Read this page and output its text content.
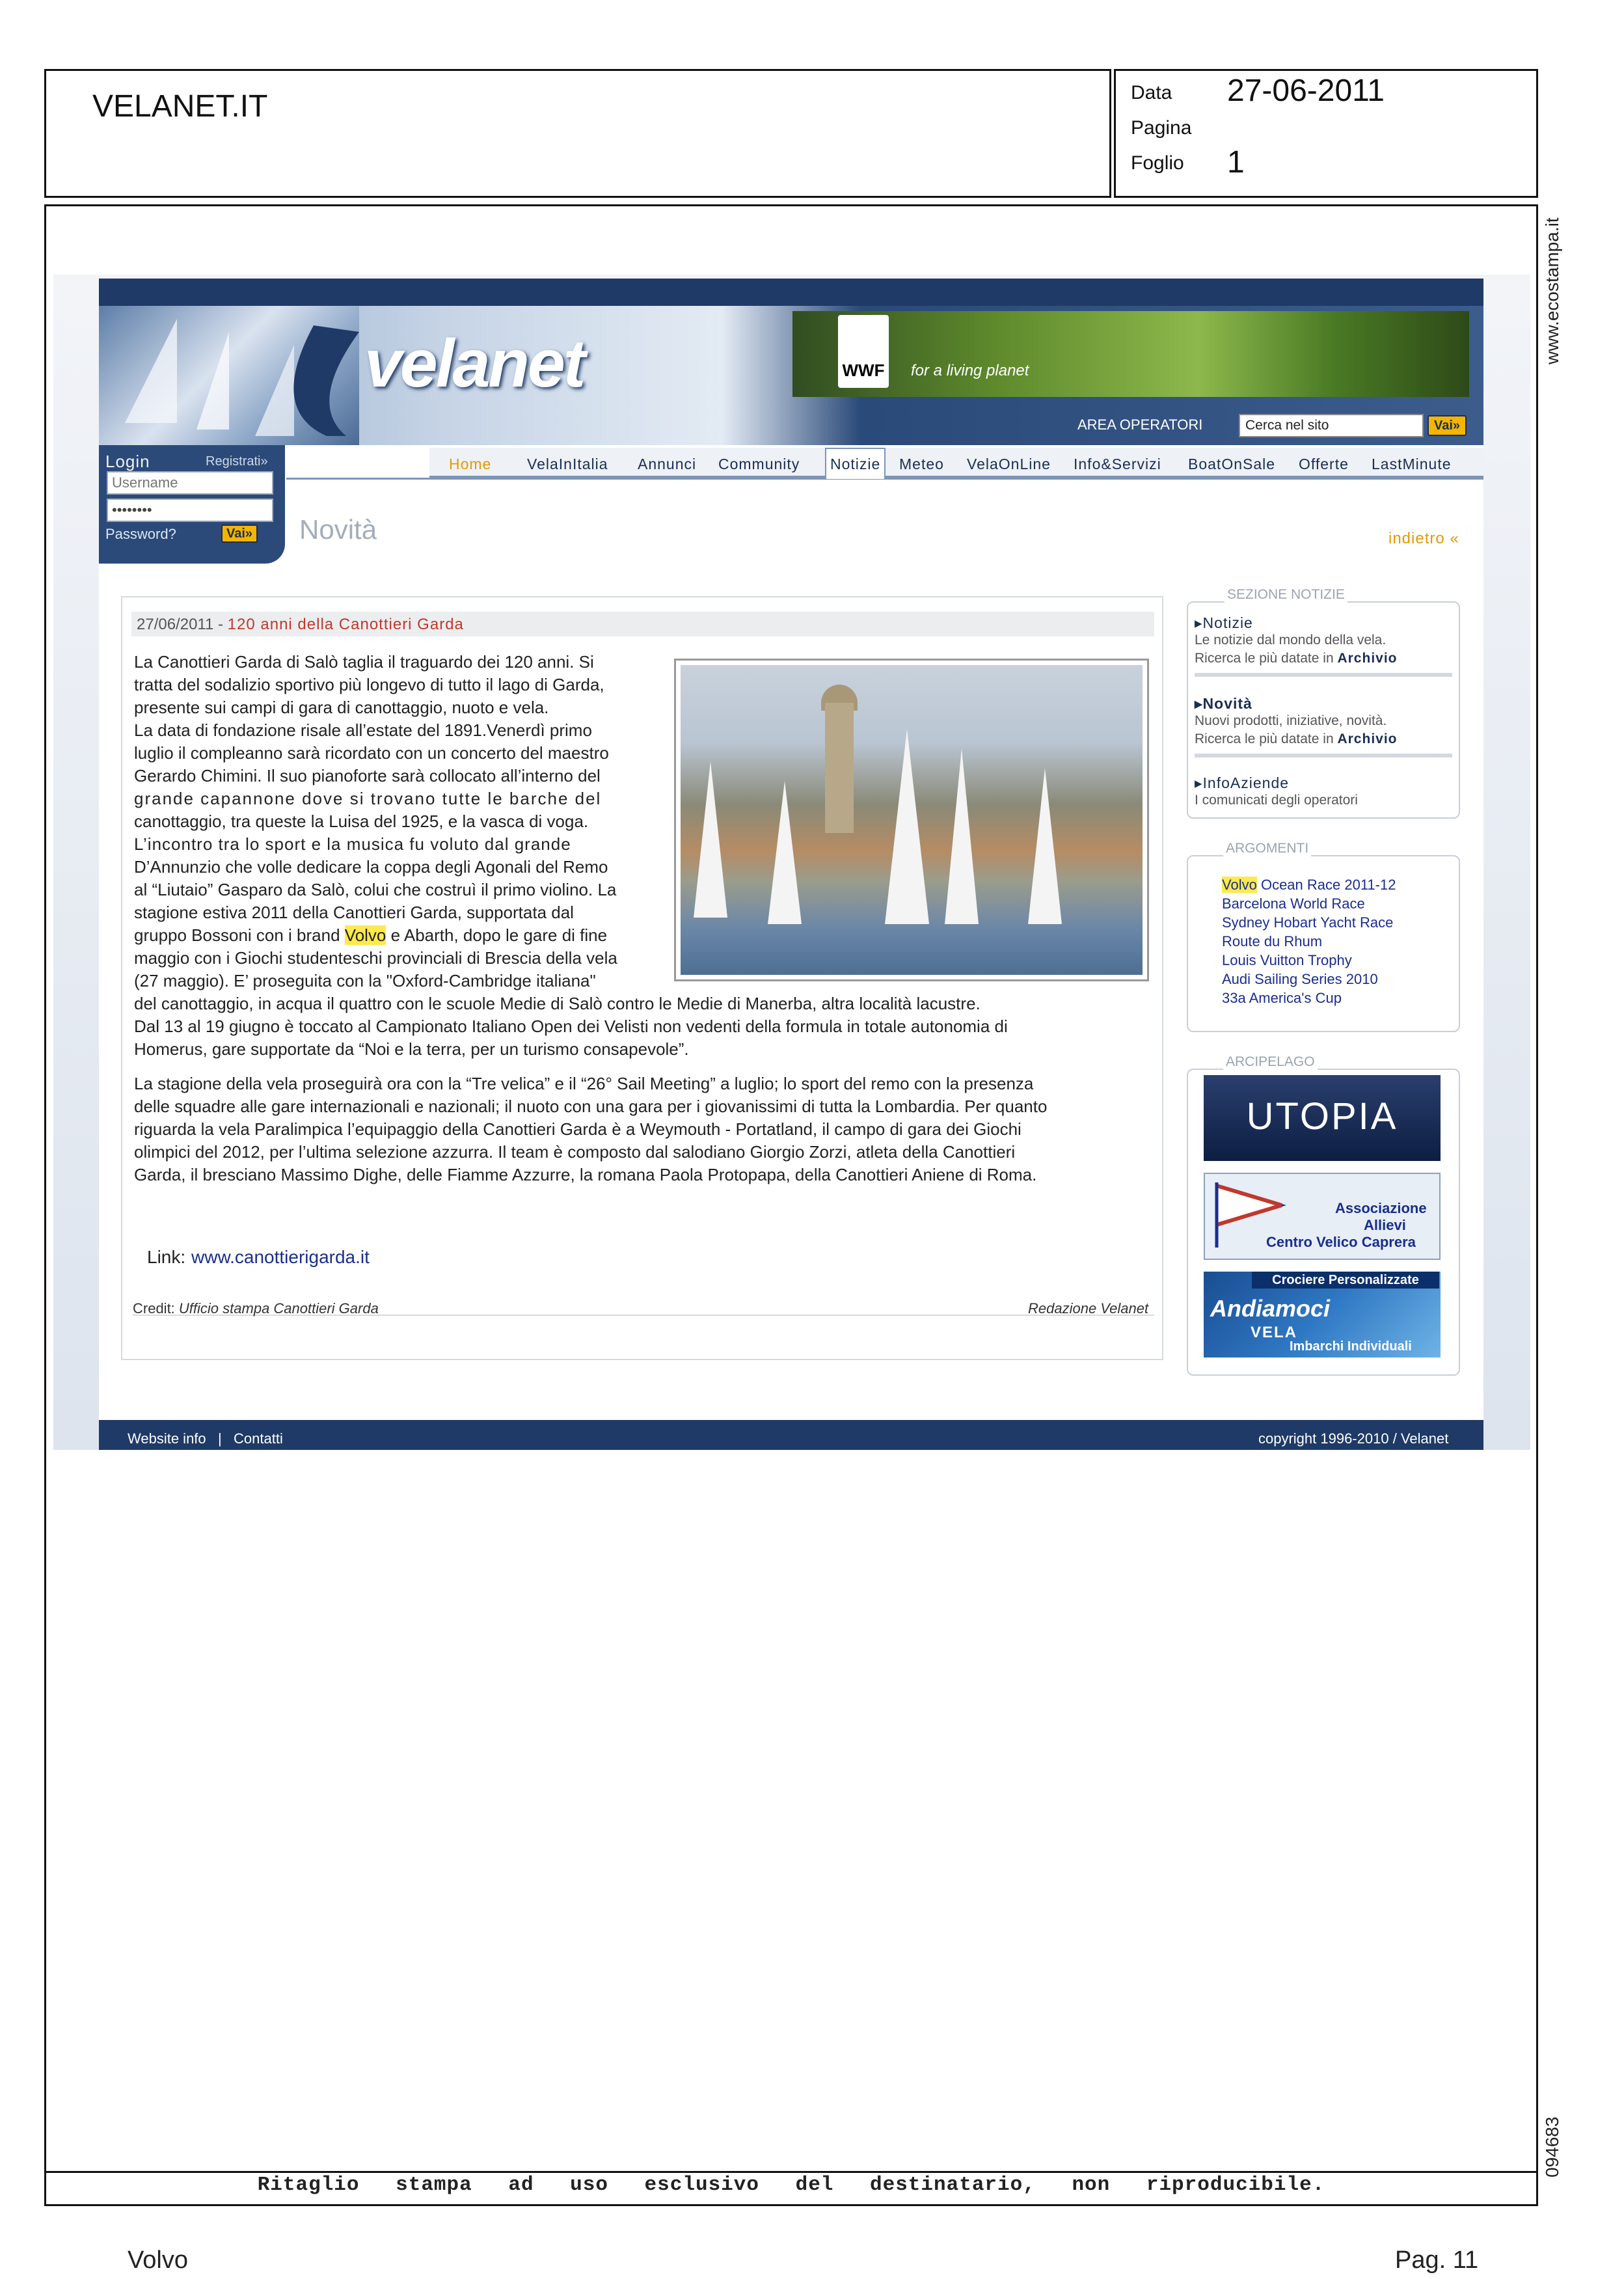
VELANET.IT	Data 27-06-2011
Pagina
Foglio 1
www.ecostampa.it
094683
Ritaglio stampa ad uso esclusivo del destinatario, non riproducibile.
Volvo	Pag. 11
velanet	WWF for a living planet
AREA OPERATORI
Cerca nel sito	Vai»
Login	Registrati»
Username
••••••••
Password?	Vai»
Home VelaInItalia Annunci Community	Notizie	Meteo VelaOnLine Info&Servizi BoatOnSale Offerte LastMinute
Novità	indietro «
27/06/2011 - 120 anni della Canottieri Garda
La Canottieri Garda di Salò taglia il traguardo dei 120 anni. Si
tratta del sodalizio sportivo più longevo di tutto il lago di Garda,
presente sui campi di gara di canottaggio, nuoto e vela.
La data di fondazione risale all’estate del 1891.Venerdì primo
luglio il compleanno sarà ricordato con un concerto del maestro
Gerardo Chimini. Il suo pianoforte sarà collocato all’interno del
grande capannone dove si trovano tutte le barche del
canottaggio, tra queste la Luisa del 1925, e la vasca di voga.
L’incontro tra lo sport e la musica fu voluto dal grande
D’Annunzio che volle dedicare la coppa degli Agonali del Remo
al “Liutaio” Gasparo da Salò, colui che costruì il primo violino. La
stagione estiva 2011 della Canottieri Garda, supportata dal
gruppo Bossoni con i brand Volvo e Abarth, dopo le gare di fine
maggio con i Giochi studenteschi provinciali di Brescia della vela
(27 maggio). E’ proseguita con la "Oxford-Cambridge italiana"
del canottaggio, in acqua il quattro con le scuole Medie di Salò contro le Medie di Manerba, altra località lacustre.
Dal 13 al 19 giugno è toccato al Campionato Italiano Open dei Velisti non vedenti della formula in totale autonomia di
Homerus, gare supportate da “Noi e la terra, per un turismo consapevole”.
La stagione della vela proseguirà ora con la “Tre velica” e il “26° Sail Meeting” a luglio; lo sport del remo con la presenza
delle squadre alle gare internazionali e nazionali; il nuoto con una gara per i giovanissimi di tutta la Lombardia. Per quanto
riguarda la vela Paralimpica l’equipaggio della Canottieri Garda è a Weymouth - Portatland, il campo di gara dei Giochi
olimpici del 2012, per l’ultima selezione azzurra. Il team è composto dal salodiano Giorgio Zorzi, atleta della Canottieri
Garda, il bresciano Massimo Dighe, delle Fiamme Azzurre, la romana Paola Protopapa, della Canottieri Aniene di Roma.
Link: www.canottierigarda.it
Credit: Ufficio stampa Canottieri Garda	Redazione Velanet
SEZIONE NOTIZIE
▸Notizie
Le notizie dal mondo della vela.
Ricerca le più datate in Archivio
▸Novità
Nuovi prodotti, iniziative, novità.
Ricerca le più datate in Archivio
▸InfoAziende
I comunicati degli operatori
ARGOMENTI
Volvo Ocean Race 2011-12
Barcelona World Race
Sydney Hobart Yacht Race
Route du Rhum
Louis Vuitton Trophy
Audi Sailing Series 2010
33a America's Cup
ARCIPELAGO
UTOPIA
Associazione
Allievi
Centro Velico Caprera
Crociere Personalizzate
Andiamoci
VELA
Imbarchi Individuali
Website info   |   Contatti	copyright 1996-2010 / Velanet
